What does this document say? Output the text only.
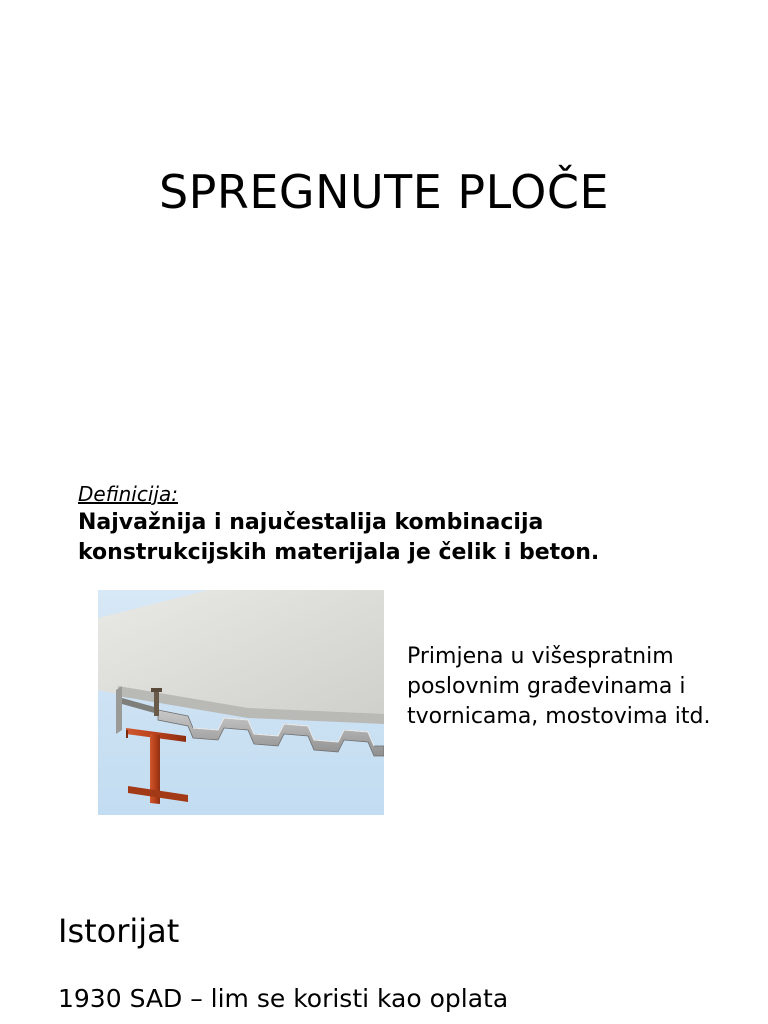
SPREGNUTE PLOČE
Definicija:
Najvažnija i najučestalija kombinacija
konstrukcijskih materijala je čelik i beton.
Primjena u višespratnim
poslovnim građevinama i
tvornicama, mostovima itd.
Istorijat

1930 SAD – lim se koristi kao oplata
